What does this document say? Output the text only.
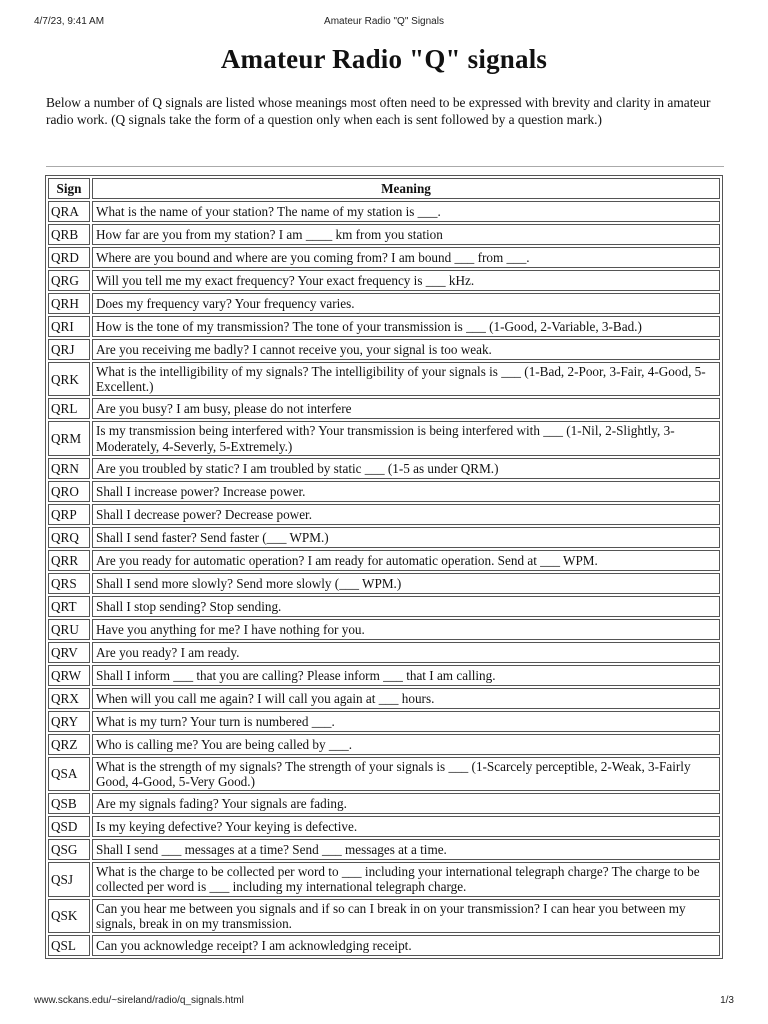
4/7/23, 9:41 AM	Amateur Radio "Q" Signals
Amateur Radio "Q" signals

Below a number of Q signals are listed whose meanings most often need to be expressed with brevity and clarity in amateur radio work. (Q signals take the form of a question only when each is sent followed by a question mark.)

Sign	Meaning
QRA	What is the name of your station? The name of my station is ___.
QRB	How far are you from my station? I am ____ km from you station
QRD	Where are you bound and where are you coming from? I am bound ___ from ___.
QRG	Will you tell me my exact frequency? Your exact frequency is ___ kHz.
QRH	Does my frequency vary? Your frequency varies.
QRI	How is the tone of my transmission? The tone of your transmission is ___ (1-Good, 2-Variable, 3-Bad.)
QRJ	Are you receiving me badly? I cannot receive you, your signal is too weak.
QRK	What is the intelligibility of my signals? The intelligibility of your signals is ___ (1-Bad, 2-Poor, 3-Fair, 4-Good, 5-Excellent.)
QRL	Are you busy? I am busy, please do not interfere
QRM	Is my transmission being interfered with? Your transmission is being interfered with ___ (1-Nil, 2-Slightly, 3-Moderately, 4-Severly, 5-Extremely.)
QRN	Are you troubled by static? I am troubled by static ___ (1-5 as under QRM.)
QRO	Shall I increase power? Increase power.
QRP	Shall I decrease power? Decrease power.
QRQ	Shall I send faster? Send faster (___ WPM.)
QRR	Are you ready for automatic operation? I am ready for automatic operation. Send at ___ WPM.
QRS	Shall I send more slowly? Send more slowly (___ WPM.)
QRT	Shall I stop sending? Stop sending.
QRU	Have you anything for me? I have nothing for you.
QRV	Are you ready? I am ready.
QRW	Shall I inform ___ that you are calling? Please inform ___ that I am calling.
QRX	When will you call me again? I will call you again at ___ hours.
QRY	What is my turn? Your turn is numbered ___.
QRZ	Who is calling me? You are being called by ___.
QSA	What is the strength of my signals? The strength of your signals is ___ (1-Scarcely perceptible, 2-Weak, 3-Fairly Good, 4-Good, 5-Very Good.)
QSB	Are my signals fading? Your signals are fading.
QSD	Is my keying defective? Your keying is defective.
QSG	Shall I send ___ messages at a time? Send ___ messages at a time.
QSJ	What is the charge to be collected per word to ___ including your international telegraph charge? The charge to be collected per word is ___ including my international telegraph charge.
QSK	Can you hear me between you signals and if so can I break in on your transmission? I can hear you between my signals, break in on my transmission.
QSL	Can you acknowledge receipt? I am acknowledging receipt.
www.sckans.edu/~sireland/radio/q_signals.html	1/3
